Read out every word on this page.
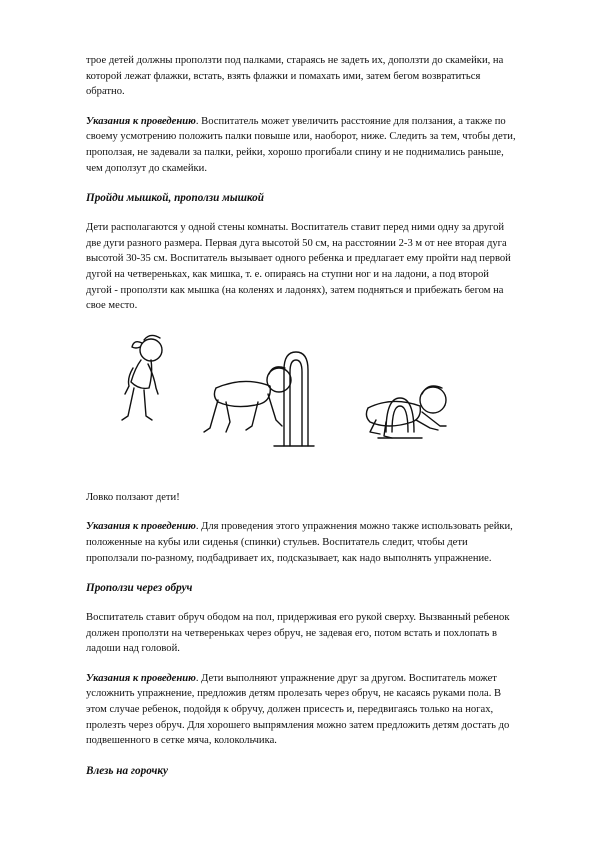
трое детей должны проползти под палками, стараясь не задеть их, доползти до скамейки, на которой лежат флажки, встать, взять флажки и помахать ими, затем бегом возвратиться обратно.

Указания к проведению. Воспитатель может увеличить расстояние для ползания, а также по своему усмотрению положить палки повыше или, наоборот, ниже. Следить за тем, чтобы дети, проползая, не задевали за палки, рейки, хорошо прогибали спину и не поднимались раньше, чем доползут до скамейки.

Пройди мышкой, проползи мышкой

Дети располагаются у одной стены комнаты. Воспитатель ставит перед ними одну за другой две дуги разного размера. Первая дуга высотой 50 см, на расстоянии 2-3 м от нее вторая дуга высотой 30-35 см. Воспитатель вызывает одного ребенка и предлагает ему пройти над первой дугой на четвереньках, как мишка, т. е. опираясь на ступни ног и на ладони, а под второй дугой - проползти как мышка (на коленях и ладонях), затем подняться и прибежать бегом на свое место.

Ловко ползают дети!

Указания к проведению. Для проведения этого упражнения можно также использовать рейки, положенные на кубы или сиденья (спинки) стульев. Воспитатель следит, чтобы дети проползали по-разному, подбадривает их, подсказывает, как надо выполнять упражнение.

Проползи через обруч

Воспитатель ставит обруч ободом на пол, придерживая его рукой сверху. Вызванный ребенок должен проползти на четвереньках через обруч, не задевая его, потом встать и похлопать в ладоши над головой.

Указания к проведению. Дети выполняют упражнение друг за другом. Воспитатель может усложнить упражнение, предложив детям пролезать через обруч, не касаясь руками пола. В этом случае ребенок, подойдя к обручу, должен присесть и, передвигаясь только на ногах, пролезть через обруч. Для хорошего выпрямления можно затем предложить детям достать до подвешенного в сетке мяча, колокольчика.

Влезь на горочку
